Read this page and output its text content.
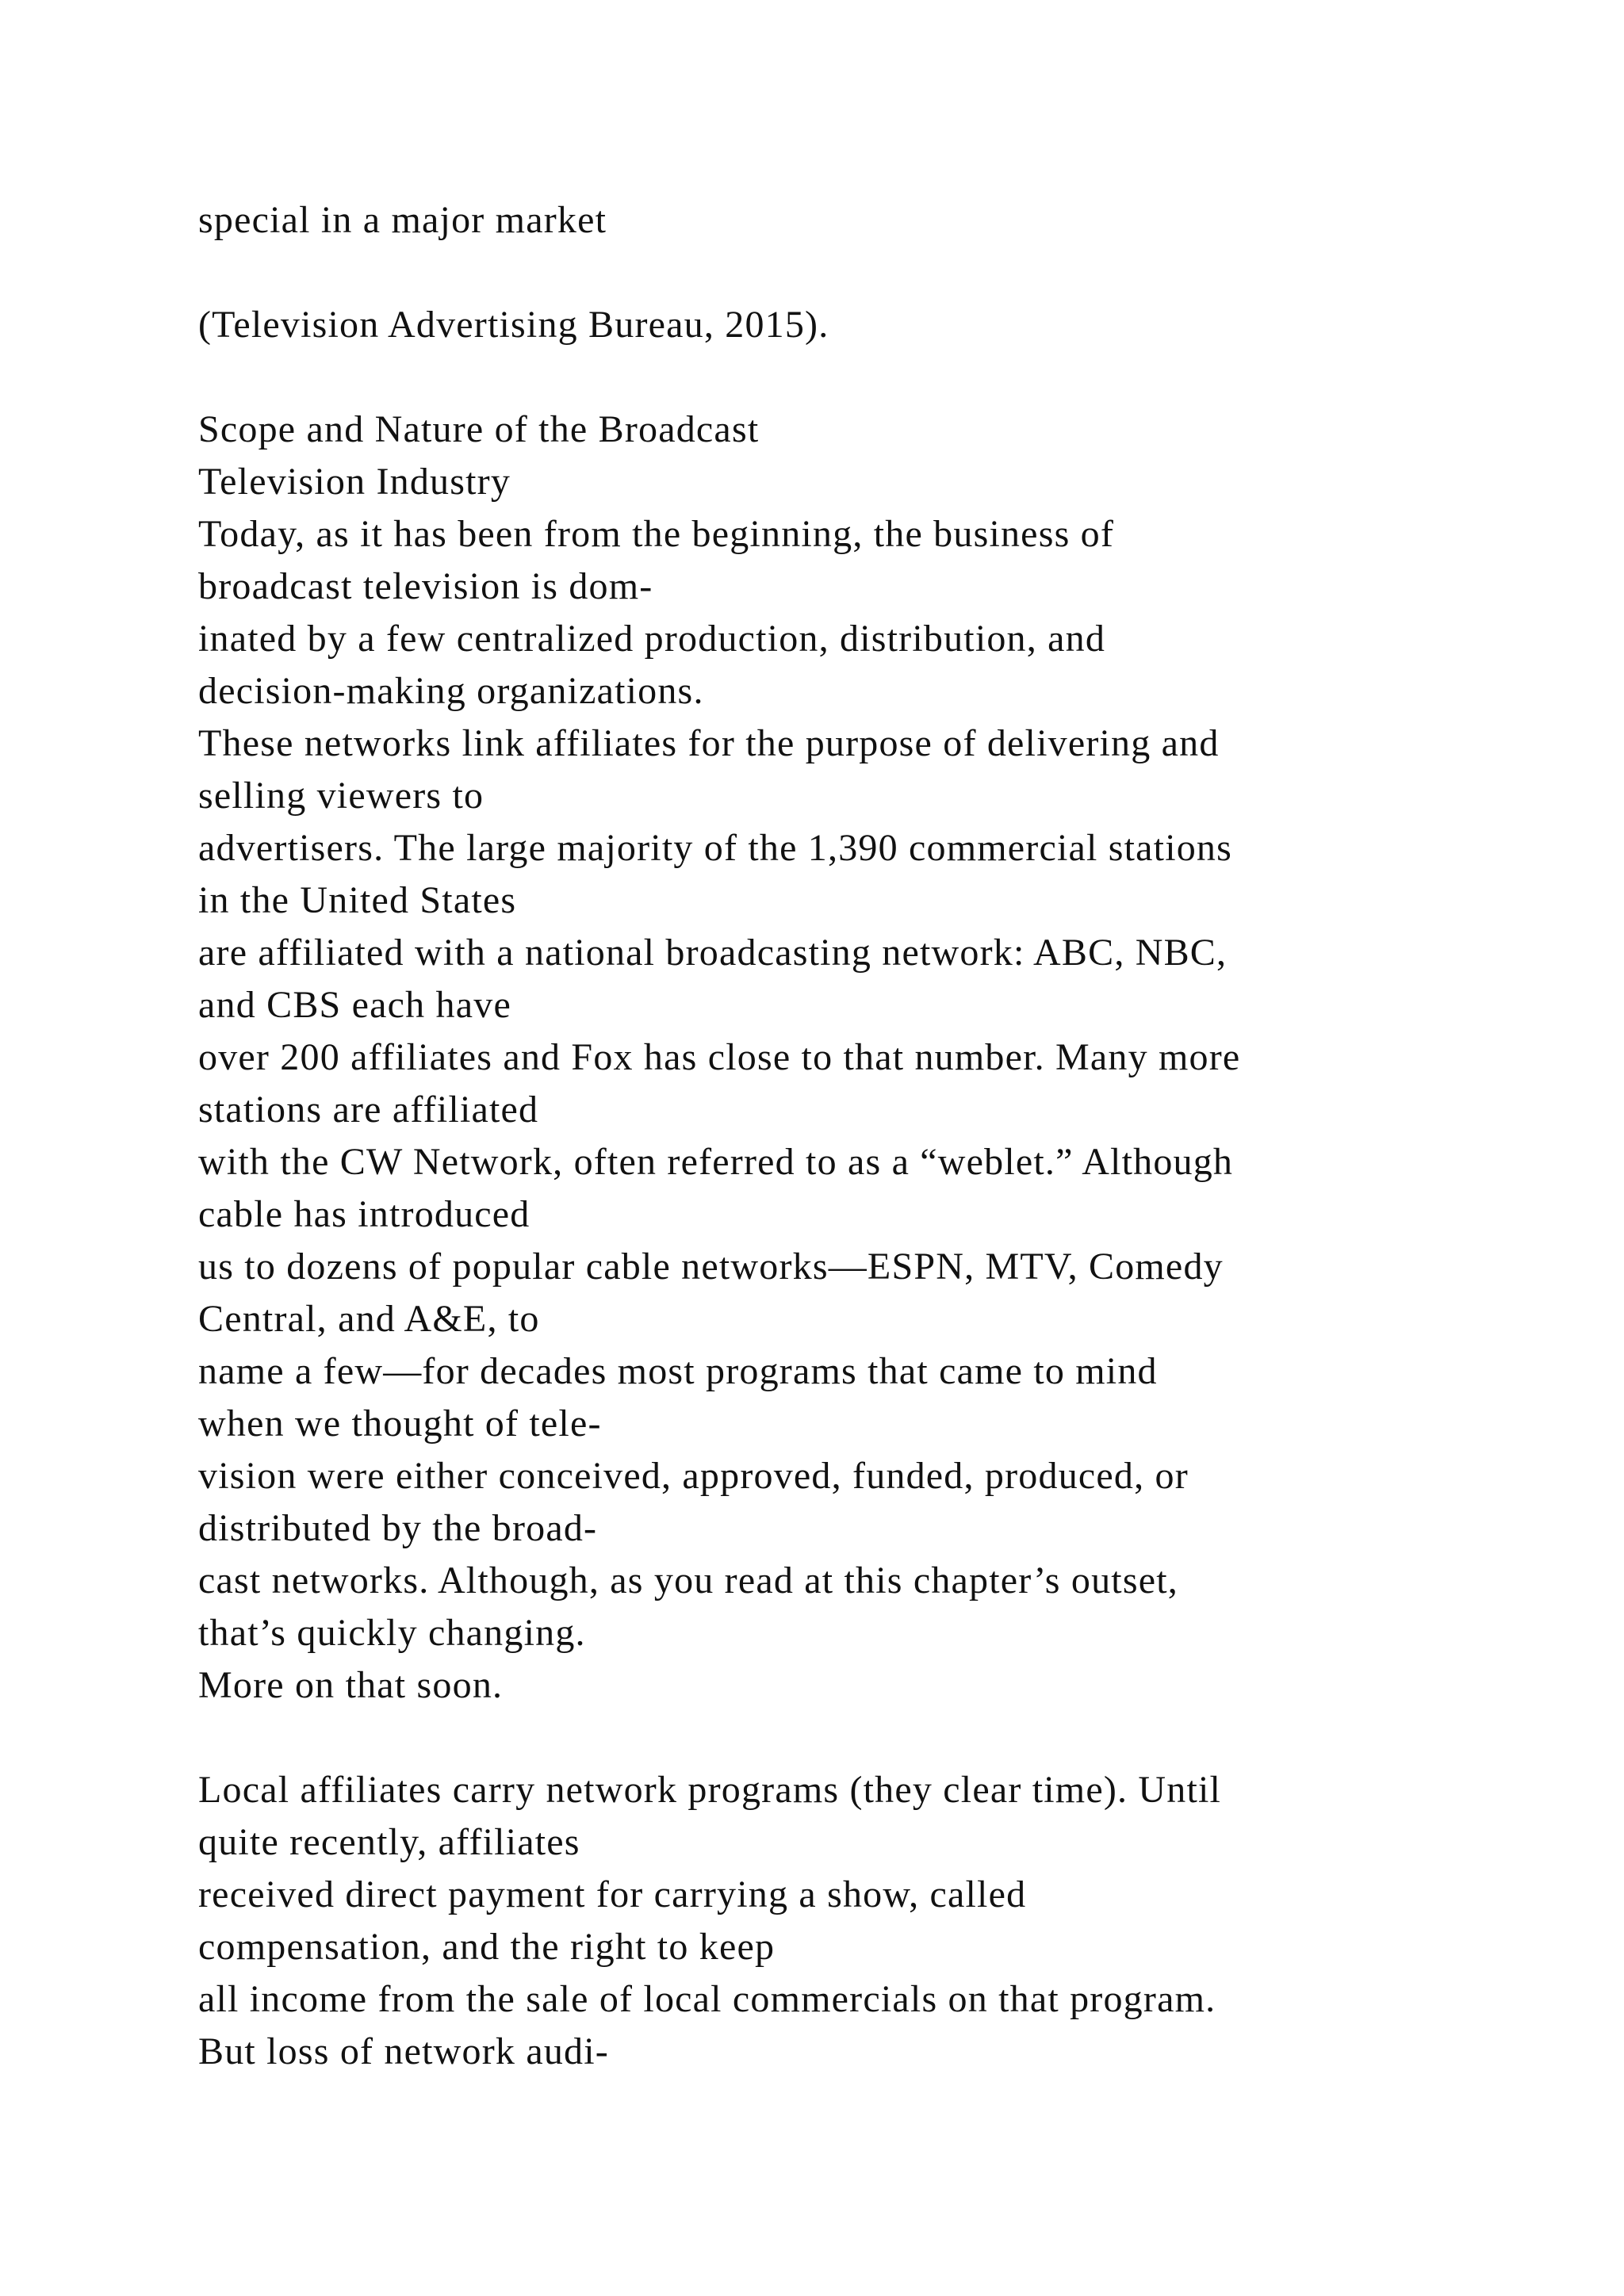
special in a major market
(Television Advertising Bureau, 2015).
Scope and Nature of the Broadcast
Television Industry
Today, as it has been from the beginning, the business of
broadcast television is dom-
inated by a few centralized production, distribution, and
decision-making organizations.
These networks link affiliates for the purpose of delivering and
selling viewers to
advertisers. The large majority of the 1,390 commercial stations
in the United States
are affiliated with a national broadcasting network: ABC, NBC,
and CBS each have
over 200 affiliates and Fox has close to that number. Many more
stations are affiliated
with the CW Network, often referred to as a “weblet.” Although
cable has introduced
us to dozens of popular cable networks—ESPN, MTV, Comedy
Central, and A&E, to
name a few—for decades most programs that came to mind
when we thought of tele-
vision were either conceived, approved, funded, produced, or
distributed by the broad-
cast networks. Although, as you read at this chapter’s outset,
that’s quickly changing.
More on that soon.
Local affiliates carry network programs (they clear time). Until
quite recently, affiliates
received direct payment for carrying a show, called
compensation, and the right to keep
all income from the sale of local commercials on that program.
But loss of network audi-
